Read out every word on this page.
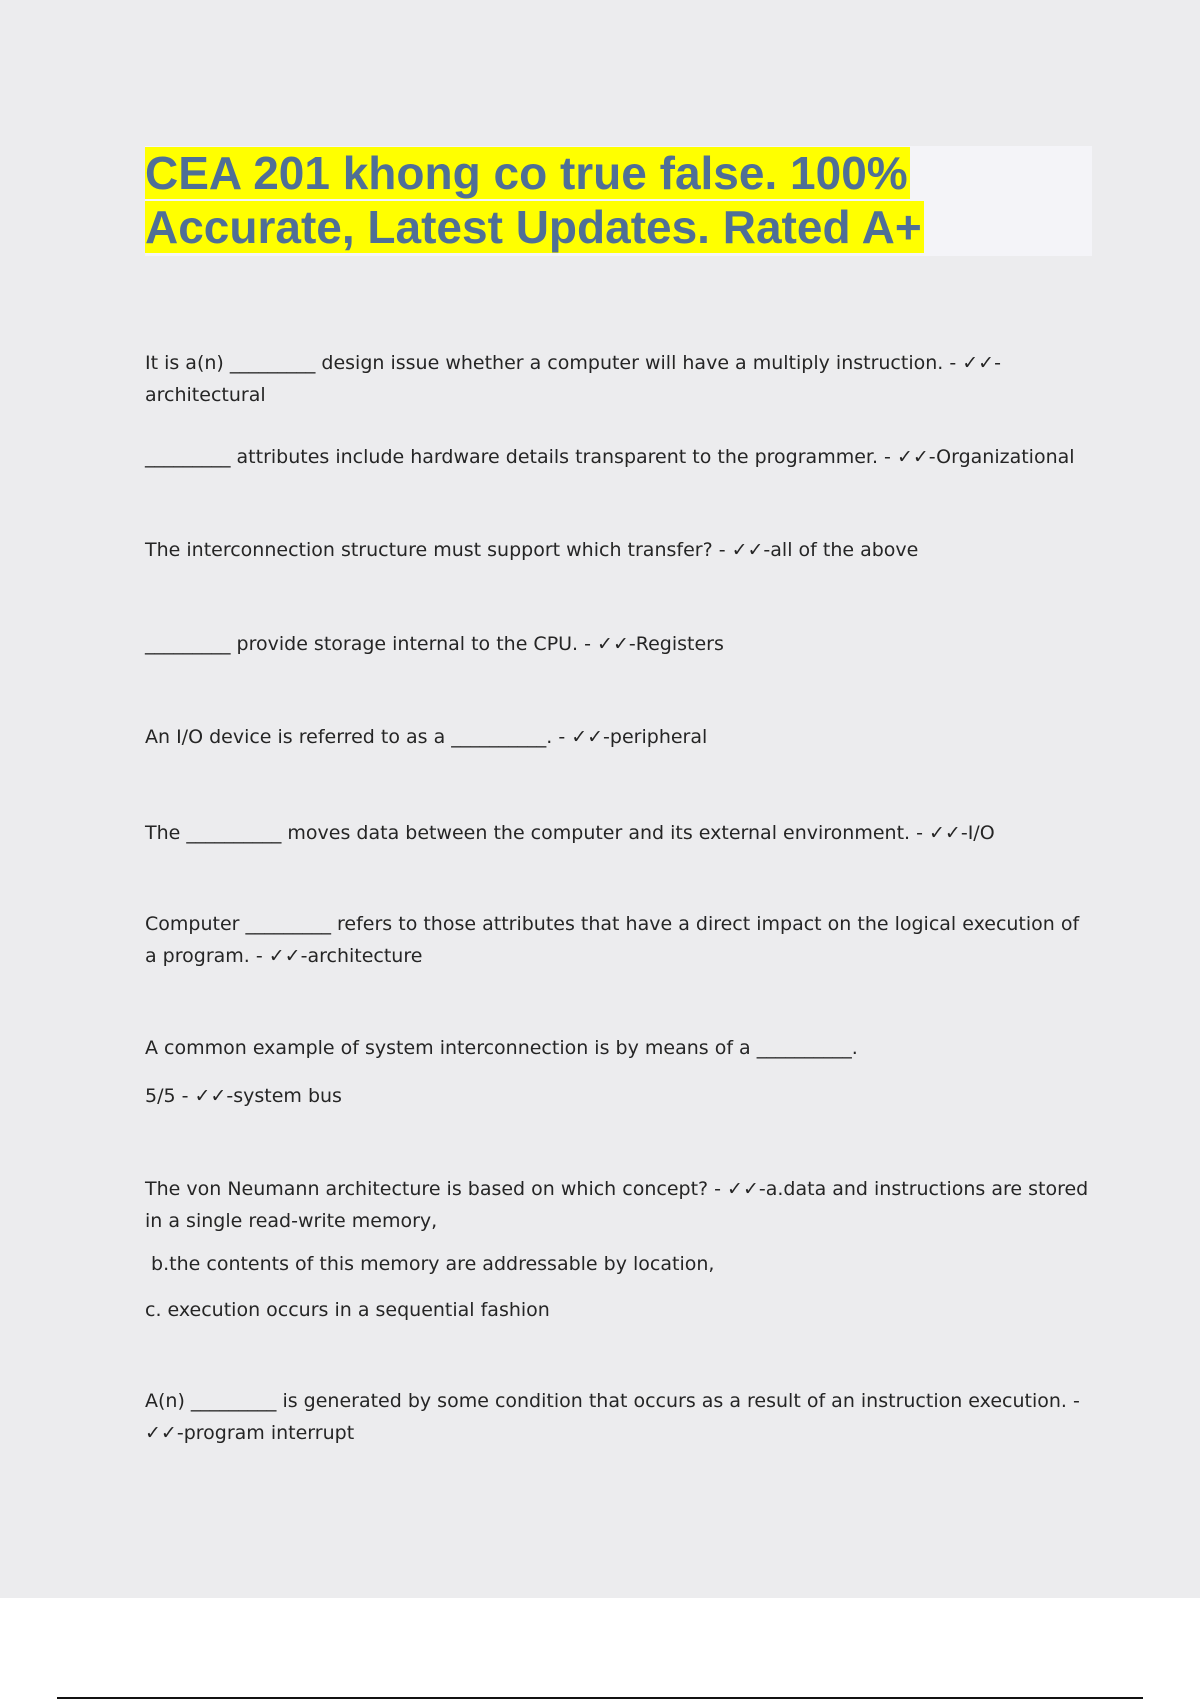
CEA 201 khong co true false. 100%
Accurate, Latest Updates. Rated A+

It is a(n) _________ design issue whether a computer will have a multiply instruction. - ✓✓-architectural

_________ attributes include hardware details transparent to the programmer. - ✓✓-Organizational

The interconnection structure must support which transfer? - ✓✓-all of the above

_________ provide storage internal to the CPU. - ✓✓-Registers

An I/O device is referred to as a __________. - ✓✓-peripheral

The __________ moves data between the computer and its external environment. - ✓✓-I/O

Computer _________ refers to those attributes that have a direct impact on the logical execution of a program. - ✓✓-architecture

A common example of system interconnection is by means of a __________.

5/5 - ✓✓-system bus

The von Neumann architecture is based on which concept? - ✓✓-a.data and instructions are stored in a single read-write memory,

b.the contents of this memory are addressable by location,

c. execution occurs in a sequential fashion

A(n) _________ is generated by some condition that occurs as a result of an instruction execution. - ✓✓-program interrupt
